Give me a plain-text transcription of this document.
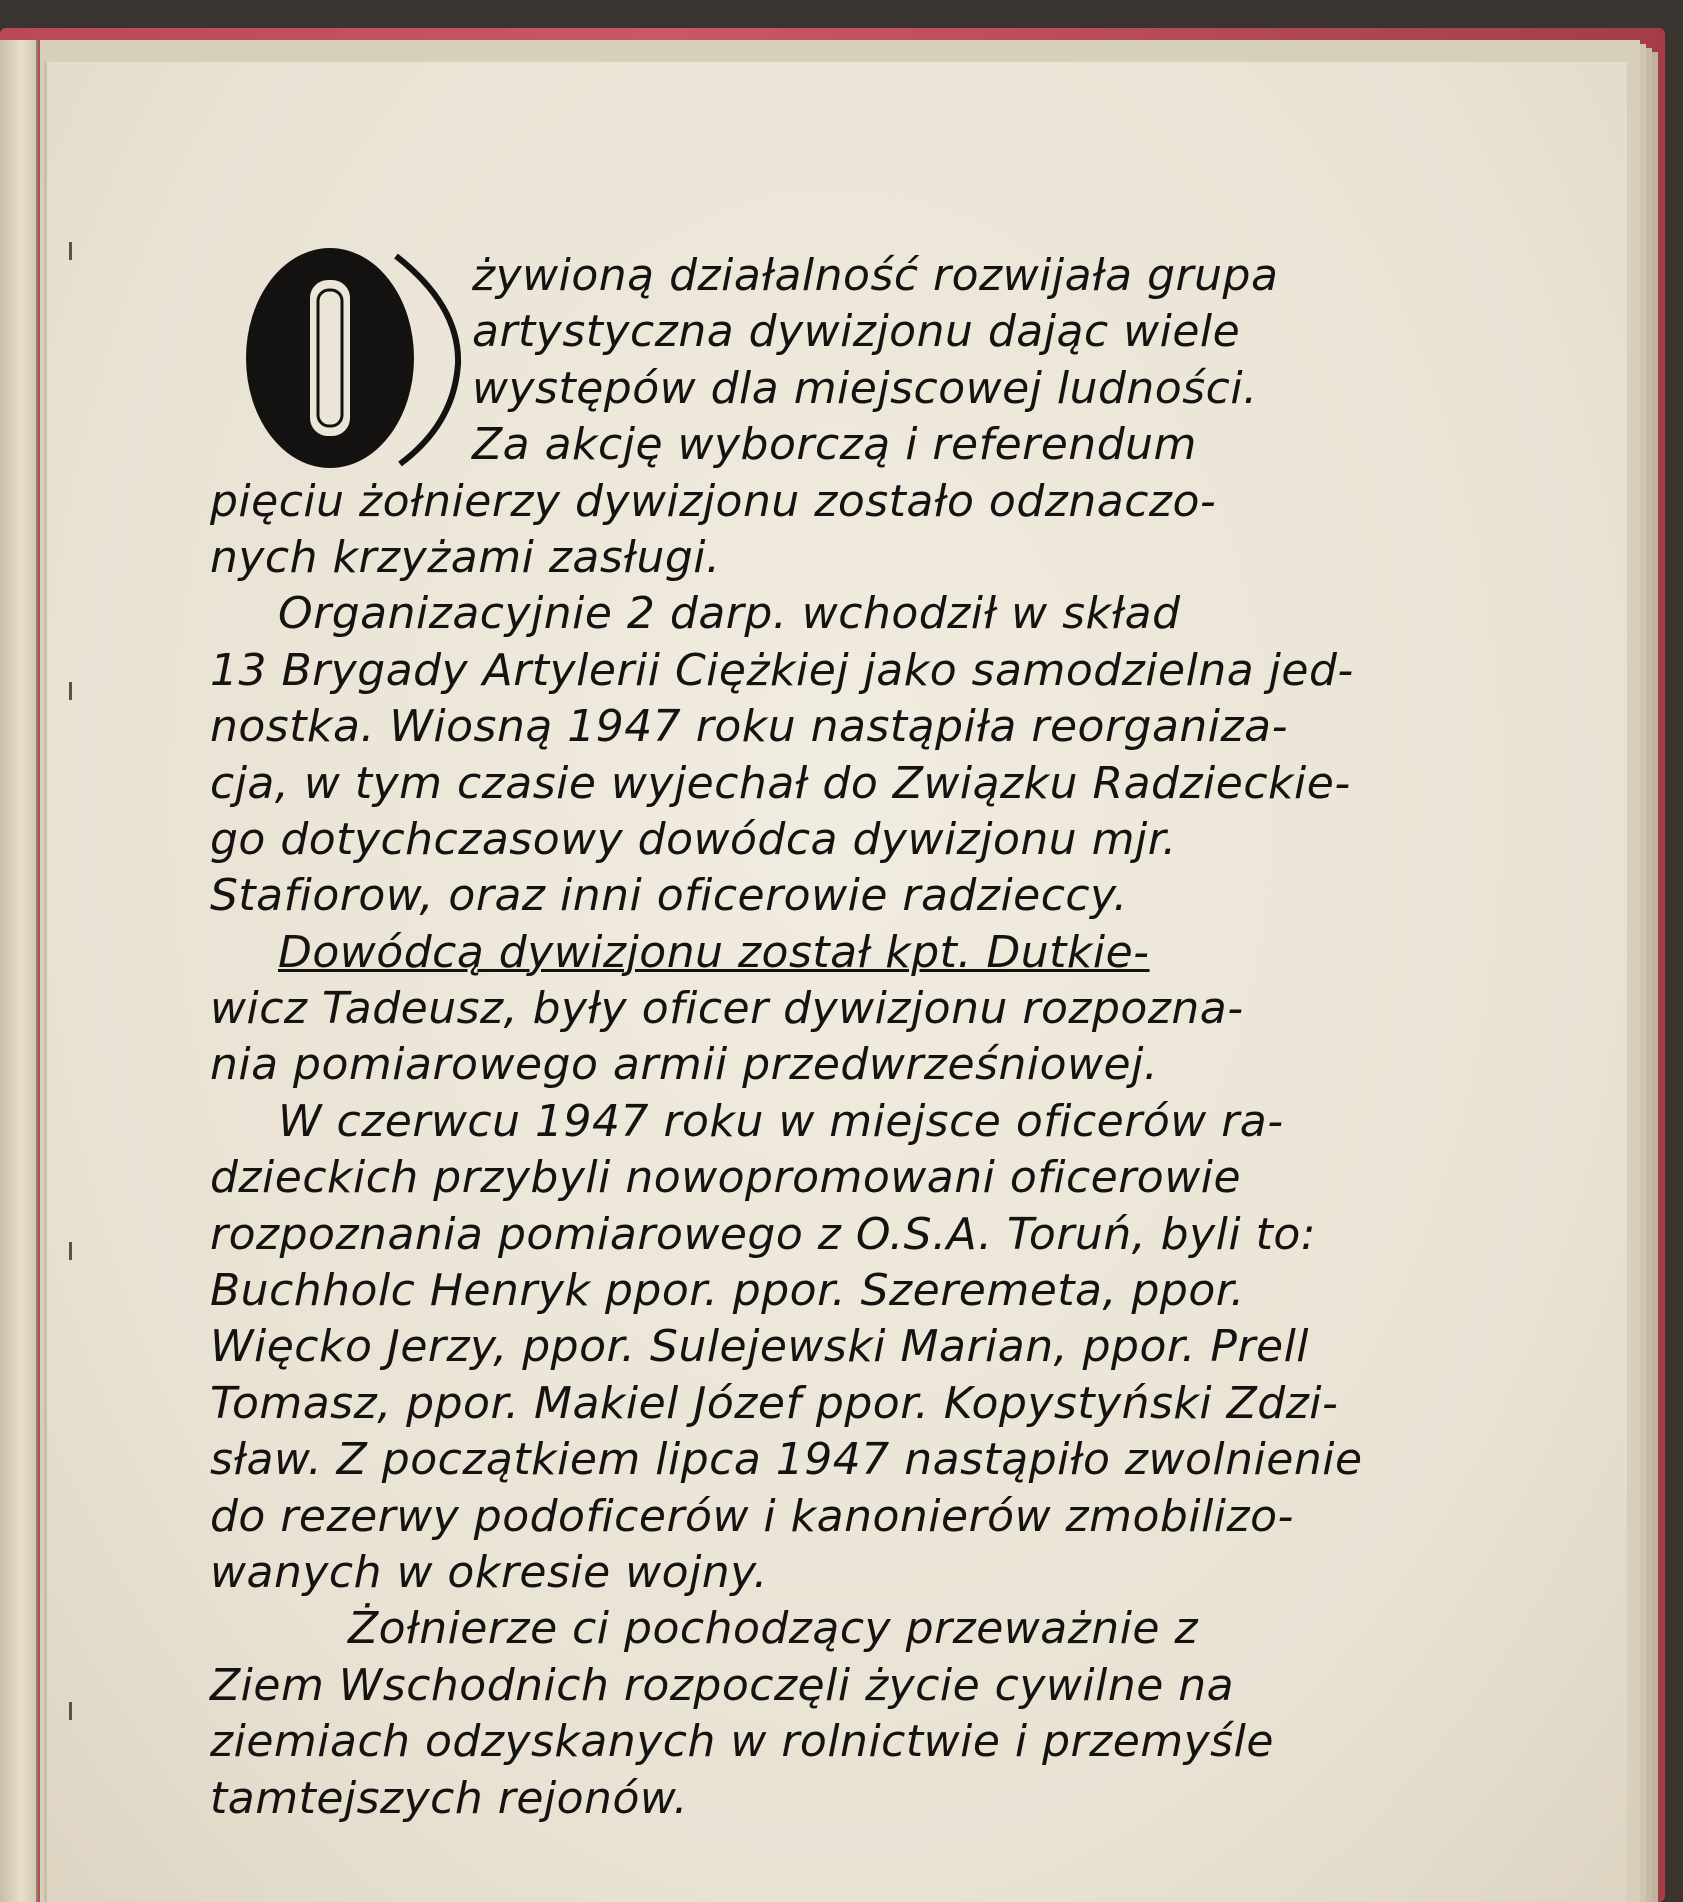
żywioną działalność rozwijała grupa
artystyczna dywizjonu dając wiele
występów dla miejscowej ludności.
Za akcję wyborczą i referendum
pięciu żołnierzy dywizjonu zostało odznaczo-
nych krzyżami zasługi.
Organizacyjnie 2 darp. wchodził w skład
13 Brygady Artylerii Ciężkiej jako samodzielna jed-
nostka. Wiosną 1947 roku nastąpiła reorganiza-
cja, w tym czasie wyjechał do Związku Radzieckie-
go dotychczasowy dowódca dywizjonu mjr.
Stafiorow, oraz inni oficerowie radzieccy.
Dowódcą dywizjonu został kpt. Dutkie-
wicz Tadeusz, były oficer dywizjonu rozpozna-
nia pomiarowego armii przedwrześniowej.
W czerwcu 1947 roku w miejsce oficerów ra-
dzieckich przybyli nowopromowani oficerowie
rozpoznania pomiarowego z O.S.A. Toruń, byli to:
Buchholc Henryk ppor. ppor. Szeremeta, ppor.
Więcko Jerzy, ppor. Sulejewski Marian, ppor. Prell
Tomasz, ppor. Makiel Józef ppor. Kopystyński Zdzi-
sław. Z początkiem lipca 1947 nastąpiło zwolnienie
do rezerwy podoficerów i kanonierów zmobilizo-
wanych w okresie wojny.
Żołnierze ci pochodzący przeważnie z
Ziem Wschodnich rozpoczęli życie cywilne na
ziemiach odzyskanych w rolnictwie i przemyśle
tamtejszych rejonów.
